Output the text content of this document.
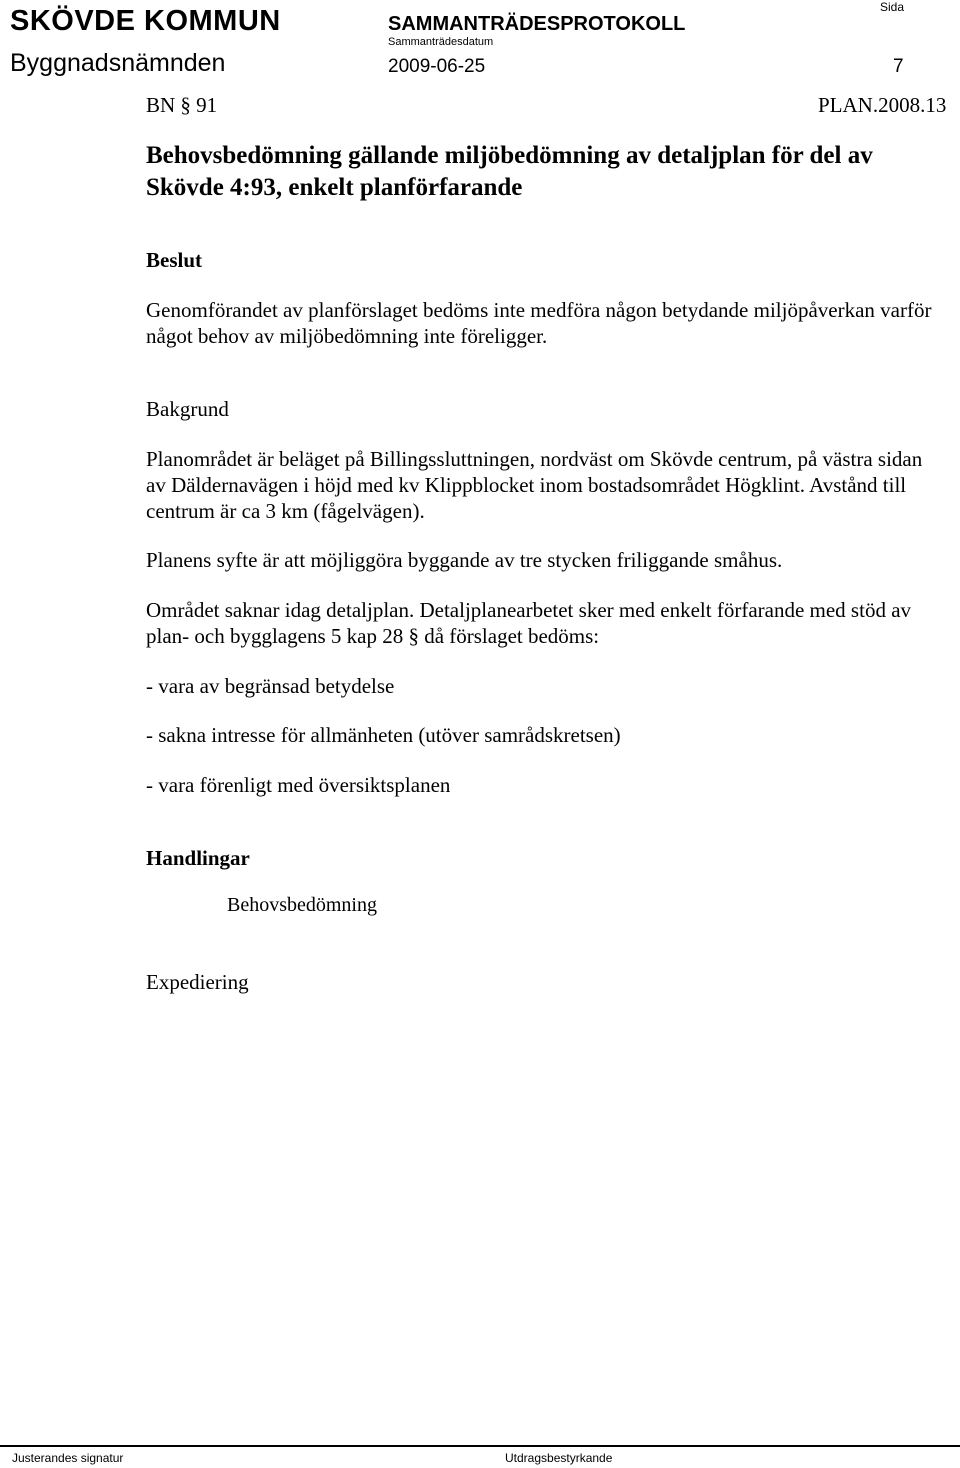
SKÖVDE KOMMUN
Byggnadsnämnden
SAMMANTRÄDESPROTOKOLL
Sammanträdesdatum
2009-06-25
Sida
7
BN § 91	PLAN.2008.13
Behovsbedömning gällande miljöbedömning av detaljplan för del av Skövde 4:93, enkelt planförfarande
Beslut
Genomförandet av planförslaget bedöms inte medföra någon betydande miljöpåverkan varför något behov av miljöbedömning inte föreligger.
Bakgrund
Planområdet är beläget på Billingssluttningen, nordväst om Skövde centrum, på västra sidan av Däldernavägen i höjd med kv Klippblocket inom bostadsområdet Högklint. Avstånd till centrum är ca 3 km (fågelvägen).
Planens syfte är att möjliggöra byggande av tre stycken friliggande småhus.
Området saknar idag detaljplan. Detaljplanearbetet sker med enkelt förfarande med stöd av plan- och bygglagens 5 kap 28 § då förslaget bedöms:
- vara av begränsad betydelse
- sakna intresse för allmänheten (utöver samrådskretsen)
- vara förenligt med översiktsplanen
Handlingar
Behovsbedömning
Expediering
Justerandes signatur	Utdragsbestyrkande
